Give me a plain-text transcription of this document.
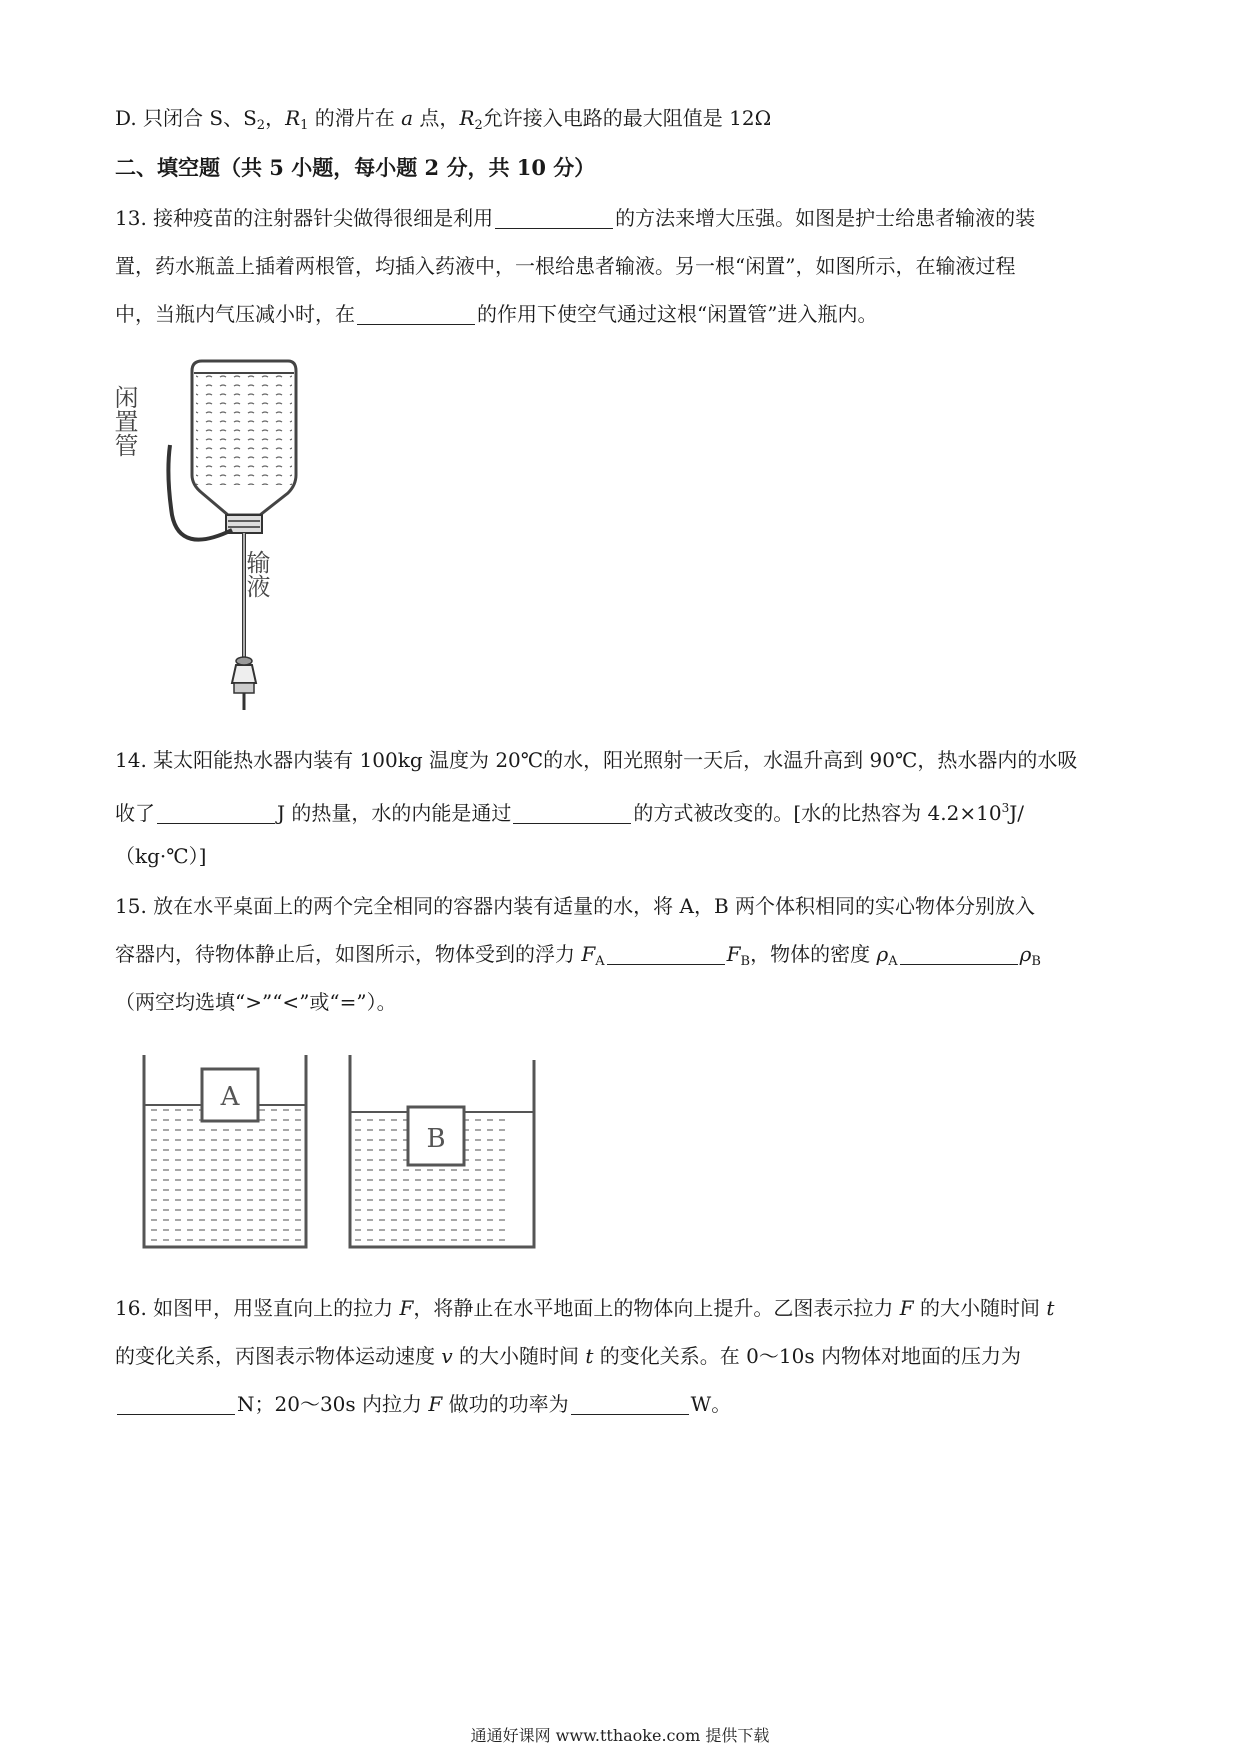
D. 只闭合 S、$S_2$，$R_1$ 的滑片在 a 点，$R_2$允许接入电路的最大阻值是 12Ω
二、填空题（共 5 小题，每小题 2 分，共 10 分）
13. 接种疫苗的注射器针尖做得很细是利用	的方法来增大压强。如图是护士给患者输液的装
置，药水瓶盖上插着两根管，均插入药液中，一根给患者输液。另一根“闲置”，如图所示，在输液过程
中，当瓶内气压减小时，在	的作用下使空气通过这根“闲置管”进入瓶内。
闲置管
输液
14. 某太阳能热水器内装有 100kg 温度为 20℃的水，阳光照射一天后，水温升高到 90℃，热水器内的水吸
收了	J 的热量，水的内能是通过	的方式被改变的。[水的比热容为 $4.2\times 10^3J/$
（kg·℃）]
15. 放在水平桌面上的两个完全相同的容器内装有适量的水，将 A，B 两个体积相同的实心物体分别放入
容器内，待物体静止后，如图所示，物体受到的浮力 $F_A$	$F_B$，物体的密度 $\rho_A$	$\rho_B$
（两空均选填“>”“<”或“=”）。
A
B
16. 如图甲，用竖直向上的拉力 F，将静止在水平地面上的物体向上提升。乙图表示拉力 F 的大小随时间 t
的变化关系，丙图表示物体运动速度 v 的大小随时间 t 的变化关系。在 0～10s 内物体对地面的压力为
N；20～30s 内拉力 F 做功的功率为	W。
通通好课网 www.tthaoke.com 提供下载
